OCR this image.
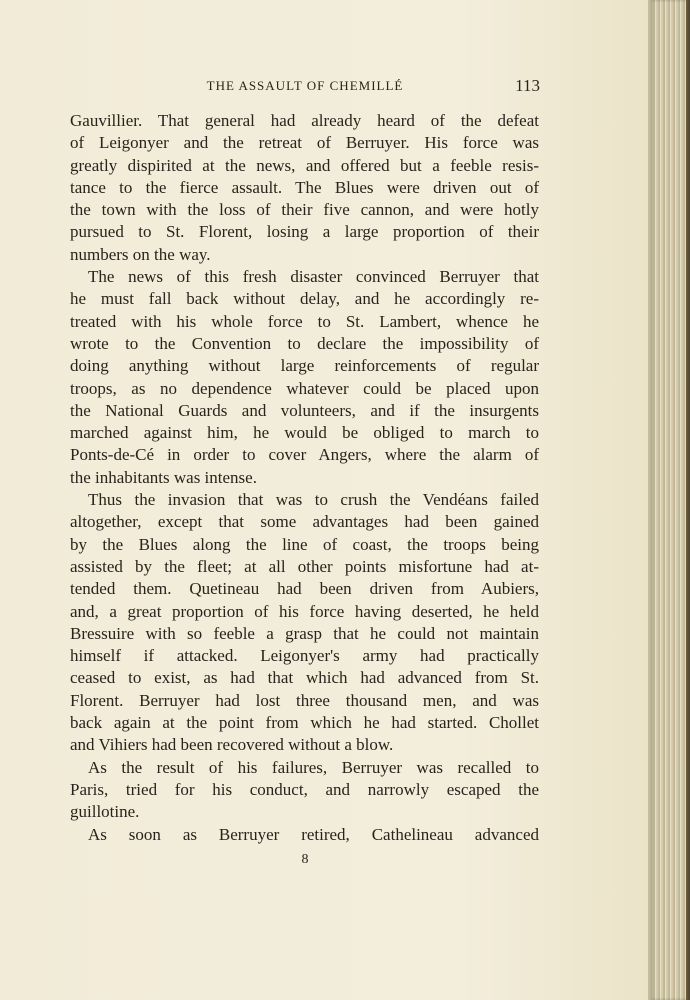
THE ASSAULT OF CHEMILLÉ	113
Gauvillier. That general had already heard of the defeat
of Leigonyer and the retreat of Berruyer. His force was
greatly dispirited at the news, and offered but a feeble resis-
tance to the fierce assault. The Blues were driven out of
the town with the loss of their five cannon, and were hotly
pursued to St. Florent, losing a large proportion of their
numbers on the way.
The news of this fresh disaster convinced Berruyer that
he must fall back without delay, and he accordingly re-
treated with his whole force to St. Lambert, whence he
wrote to the Convention to declare the impossibility of
doing anything without large reinforcements of regular
troops, as no dependence whatever could be placed upon
the National Guards and volunteers, and if the insurgents
marched against him, he would be obliged to march to
Ponts-de-Cé in order to cover Angers, where the alarm of
the inhabitants was intense.
Thus the invasion that was to crush the Vendéans failed
altogether, except that some advantages had been gained
by the Blues along the line of coast, the troops being
assisted by the fleet; at all other points misfortune had at-
tended them. Quetineau had been driven from Aubiers,
and, a great proportion of his force having deserted, he held
Bressuire with so feeble a grasp that he could not maintain
himself if attacked. Leigonyer's army had practically
ceased to exist, as had that which had advanced from St.
Florent. Berruyer had lost three thousand men, and was
back again at the point from which he had started. Chollet
and Vihiers had been recovered without a blow.
As the result of his failures, Berruyer was recalled to
Paris, tried for his conduct, and narrowly escaped the
guillotine.
As soon as Berruyer retired, Cathelineau advanced
8
